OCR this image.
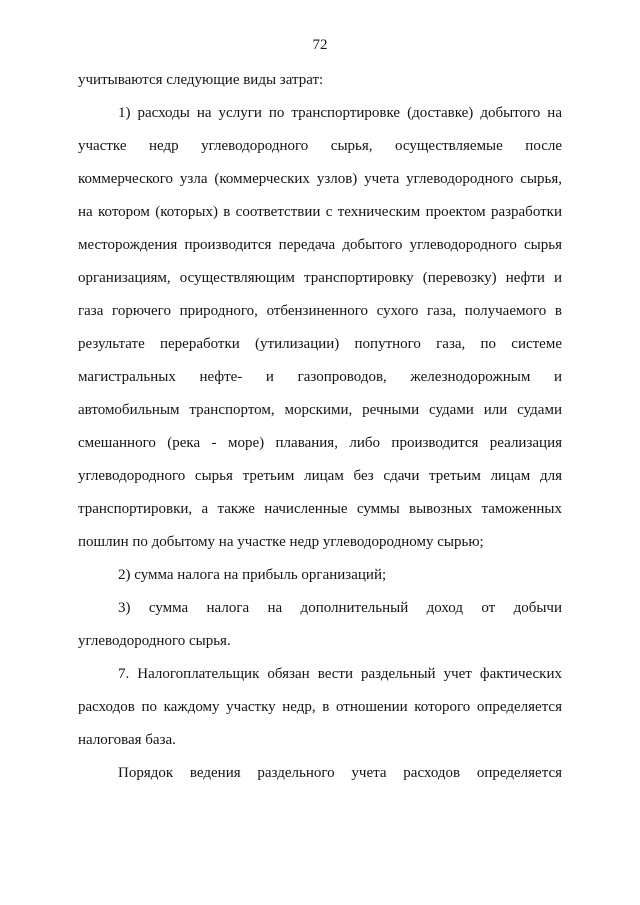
72
учитываются следующие виды затрат:
1) расходы на услуги по транспортировке (доставке) добытого на
участке недр углеводородного сырья, осуществляемые после
коммерческого узла (коммерческих узлов) учета углеводородного сырья,
на котором (которых) в соответствии с техническим проектом разработки
месторождения производится передача добытого углеводородного сырья
организациям, осуществляющим транспортировку (перевозку) нефти и
газа горючего природного, отбензиненного сухого газа, получаемого в
результате переработки (утилизации) попутного газа, по системе
магистральных нефте- и газопроводов, железнодорожным и
автомобильным транспортом, морскими, речными судами или судами
смешанного (река - море) плавания, либо производится реализация
углеводородного сырья третьим лицам без сдачи третьим лицам для
транспортировки, а также начисленные суммы вывозных таможенных
пошлин по добытому на участке недр углеводородному сырью;
2) сумма налога на прибыль организаций;
3) сумма налога на дополнительный доход от добычи
углеводородного сырья.
7. Налогоплательщик обязан вести раздельный учет фактических
расходов по каждому участку недр, в отношении которого определяется
налоговая база.
Порядок ведения раздельного учета расходов определяется
